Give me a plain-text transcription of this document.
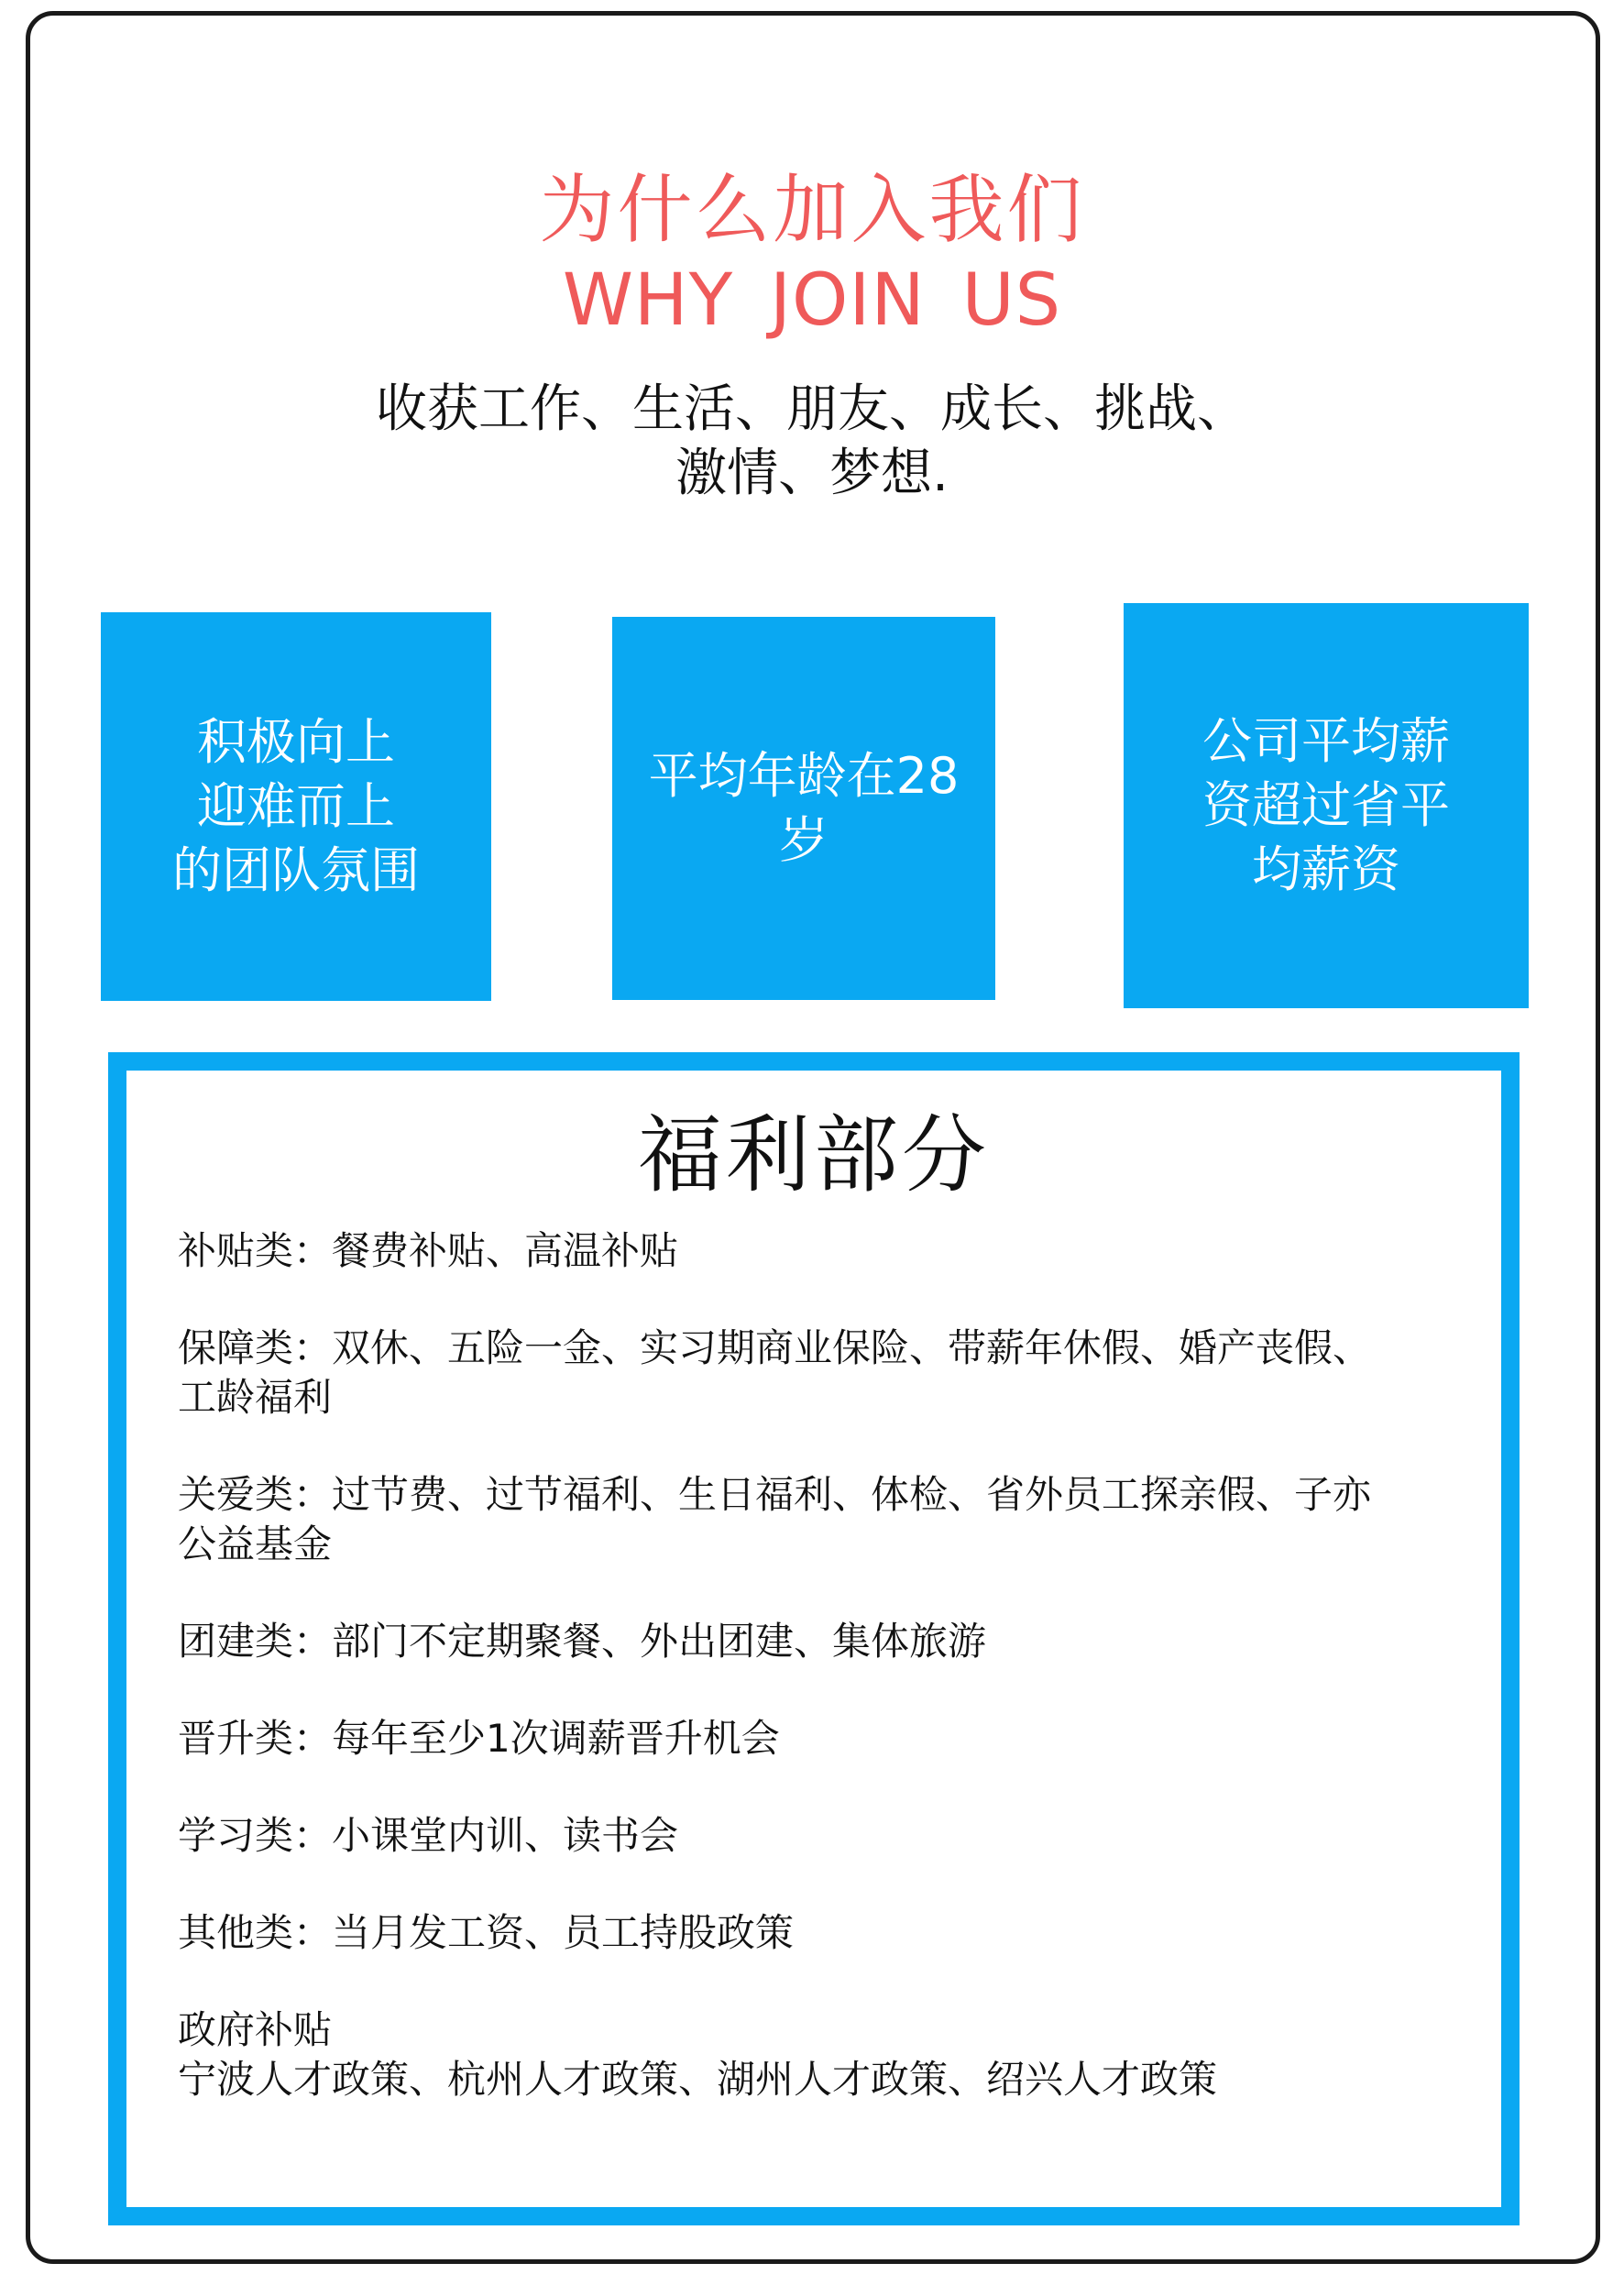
为什么加入我们
WHY JOIN US
收获工作、生活、朋友、成长、挑战、激情、梦想.
积极向上
迎难而上
的团队氛围
平均年龄在28岁
公司平均薪
资超过省平
均薪资
福利部分
补贴类：餐费补贴、高温补贴
保障类：双休、五险一金、实习期商业保险、带薪年休假、婚产丧假、
工龄福利
关爱类：过节费、过节福利、生日福利、体检、省外员工探亲假、子亦
公益基金
团建类：部门不定期聚餐、外出团建、集体旅游
晋升类：每年至少1次调薪晋升机会
学习类：小课堂内训、读书会
其他类：当月发工资、员工持股政策
政府补贴
宁波人才政策、杭州人才政策、湖州人才政策、绍兴人才政策
